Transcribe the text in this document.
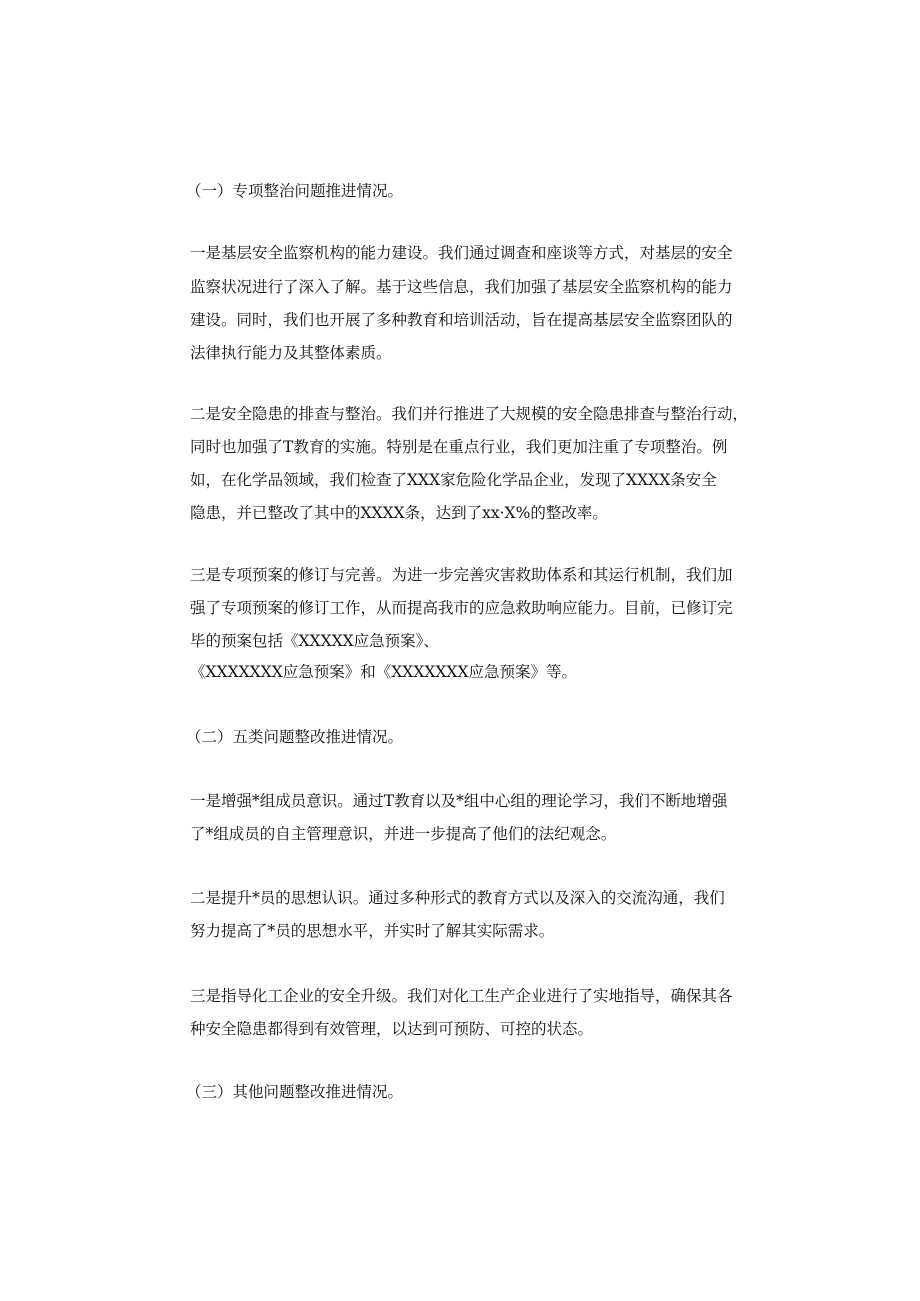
（一）专项整治问题推进情况。

一是基层安全监察机构的能力建设。我们通过调查和座谈等方式，对基层的安全

监察状况进行了深入了解。基于这些信息，我们加强了基层安全监察机构的能力

建设。同时，我们也开展了多种教育和培训活动，旨在提高基层安全监察团队的

法律执行能力及其整体素质。

二是安全隐患的排查与整治。我们并行推进了大规模的安全隐患排查与整治行动，

同时也加强了T教育的实施。特别是在重点行业，我们更加注重了专项整治。例

如，在化学品领域，我们检查了XXX家危险化学品企业，发现了XXXX条安全

隐患，并已整改了其中的XXXX条，达到了xx·X%的整改率。

三是专项预案的修订与完善。为进一步完善灾害救助体系和其运行机制，我们加

强了专项预案的修订工作，从而提高我市的应急救助响应能力。目前，已修订完

毕的预案包括《XXXXX应急预案》、

《XXXXXXX应急预案》和《XXXXXXX应急预案》等。

（二）五类问题整改推进情况。

一是增强*组成员意识。通过T教育以及*组中心组的理论学习，我们不断地增强

了*组成员的自主管理意识，并进一步提高了他们的法纪观念。

二是提升*员的思想认识。通过多种形式的教育方式以及深入的交流沟通，我们

努力提高了*员的思想水平，并实时了解其实际需求。

三是指导化工企业的安全升级。我们对化工生产企业进行了实地指导，确保其各

种安全隐患都得到有效管理，以达到可预防、可控的状态。

（三）其他问题整改推进情况。
